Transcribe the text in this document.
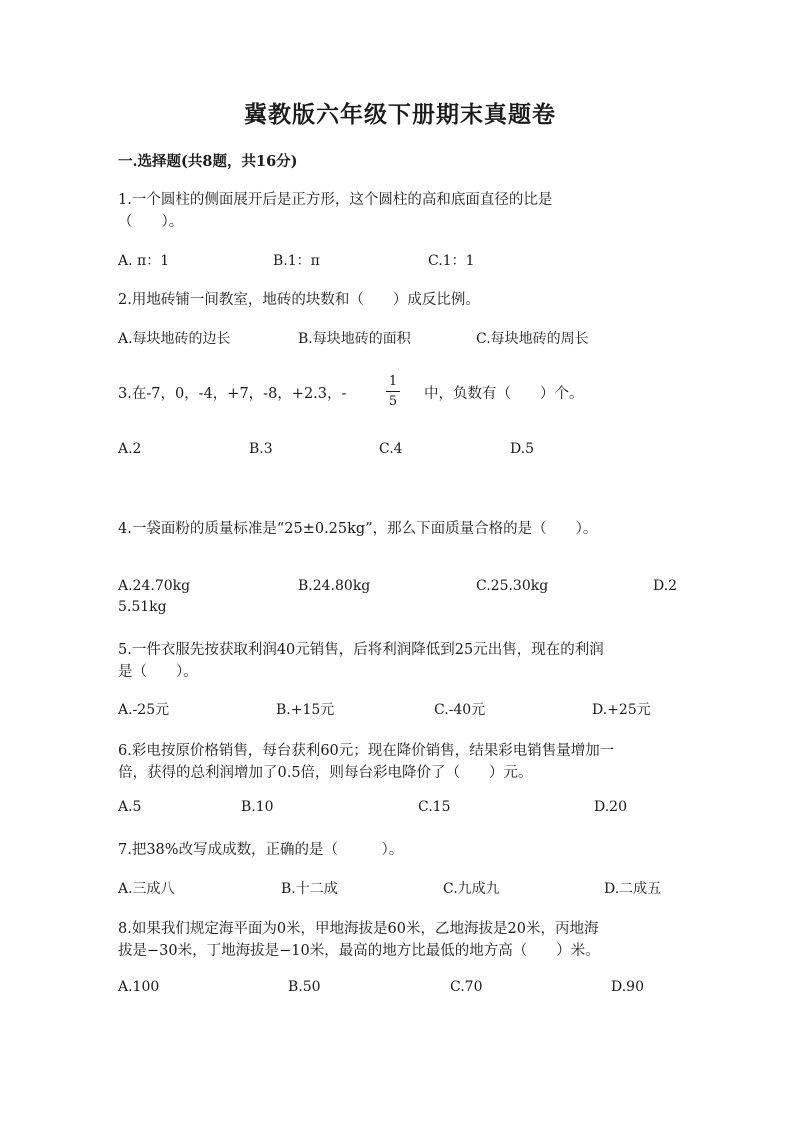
冀教版六年级下册期末真题卷
一.选择题(共8题，共16分)
1.一个圆柱的侧面展开后是正方形，这个圆柱的高和底面直径的比是
（　　）。
A. π：1	B.1：π	C.1：1
2.用地砖铺一间教室，地砖的块数和（　　）成反比例。
A.每块地砖的边长	B.每块地砖的面积	C.每块地砖的周长
3.在-7，0，-4，+7，-8，+2.3，-
1
5 中，负数有（　　）个。
A.2	B.3	C.4	D.5
4.一袋面粉的质量标准是“25±0.25kg”，那么下面质量合格的是（　　）。
A.24.70kg	B.24.80kg	C.25.30kg	D.2
5.51kg
5.一件衣服先按获取利润40元销售，后将利润降低到25元出售，现在的利润
是（　　）。
A.-25元	B.+15元	C.-40元	D.+25元
6.彩电按原价格销售，每台获利60元；现在降价销售，结果彩电销售量增加一
倍，获得的总利润增加了0.5倍，则每台彩电降价了（　　）元。
A.5	B.10	C.15	D.20
7.把38%改写成成数，正确的是（　　　）。
A.三成八	B.十二成	C.九成九	D.二成五
8.如果我们规定海平面为0米，甲地海拔是60米，乙地海拔是20米，丙地海
拔是−30米，丁地海拔是−10米，最高的地方比最低的地方高（　　）米。
A.100	B.50	C.70	D.90
